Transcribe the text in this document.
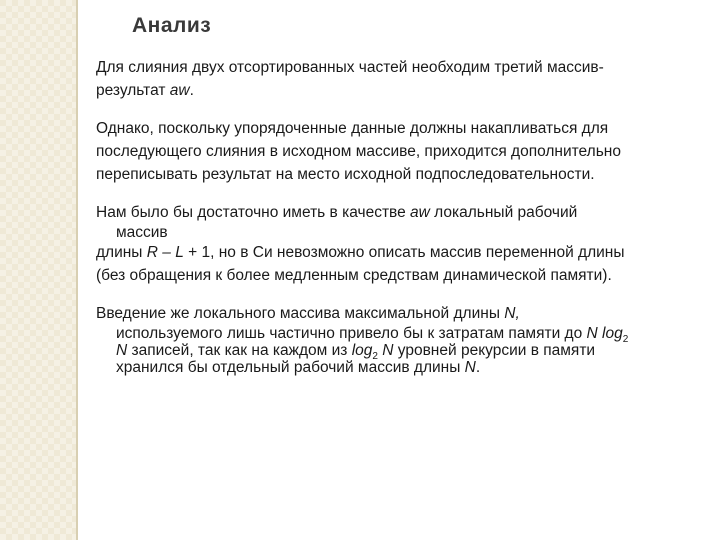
Анализ
Для слияния двух отсортированных частей необходим третий массив-
результат aw.
Однако, поскольку упорядоченные данные должны накапливаться для
последующего слияния в исходном массиве, приходится дополнительно
переписывать результат на место исходной подпоследовательности.
Нам было бы достаточно иметь в качестве aw локальный рабочий
массив
длины R – L + 1, но в Си невозможно описать массив переменной длины
(без обращения к более медленным средствам динамической памяти).
Введение же локального массива максимальной длины N,
используемого лишь частично привело бы к затратам памяти до N $\log_2$
N записей, так как на каждом из $\log_2 N$ уровней рекурсии в памяти
хранился бы отдельный рабочий массив длины N.
